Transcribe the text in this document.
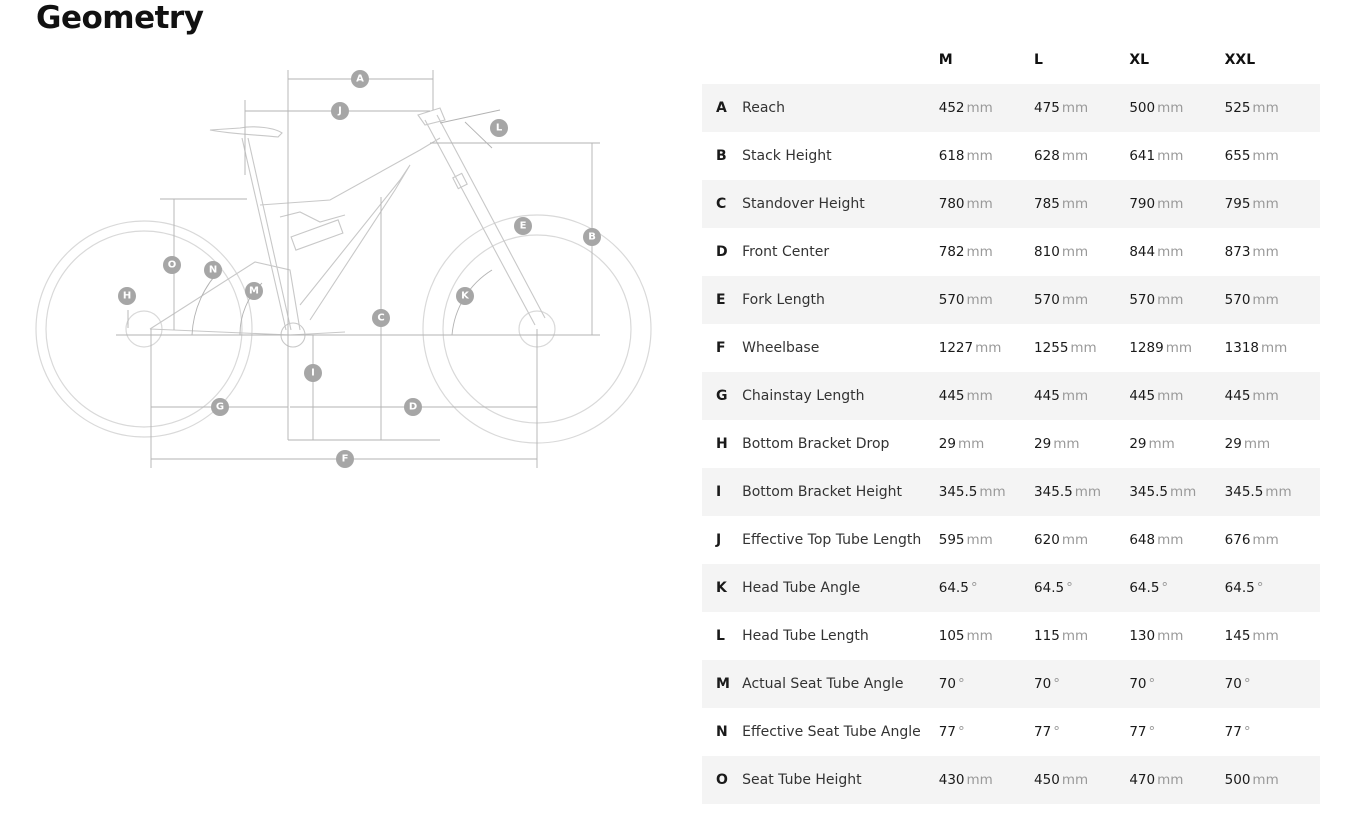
Geometry
A
B
C
D
E
F
G
H
I
J
K
L
M
N
O
		M	L	XL	XXL
A	Reach	452 mm	475 mm	500 mm	525 mm
B	Stack Height	618 mm	628 mm	641 mm	655 mm
C	Standover Height	780 mm	785 mm	790 mm	795 mm
D	Front Center	782 mm	810 mm	844 mm	873 mm
E	Fork Length	570 mm	570 mm	570 mm	570 mm
F	Wheelbase	1227 mm	1255 mm	1289 mm	1318 mm
G	Chainstay Length	445 mm	445 mm	445 mm	445 mm
H	Bottom Bracket Drop	29 mm	29 mm	29 mm	29 mm
I	Bottom Bracket Height	345.5 mm	345.5 mm	345.5 mm	345.5 mm
J	Effective Top Tube Length	595 mm	620 mm	648 mm	676 mm
K	Head Tube Angle	64.5 °	64.5 °	64.5 °	64.5 °
L	Head Tube Length	105 mm	115 mm	130 mm	145 mm
M	Actual Seat Tube Angle	70 °	70 °	70 °	70 °
N	Effective Seat Tube Angle	77 °	77 °	77 °	77 °
O	Seat Tube Height	430 mm	450 mm	470 mm	500 mm
